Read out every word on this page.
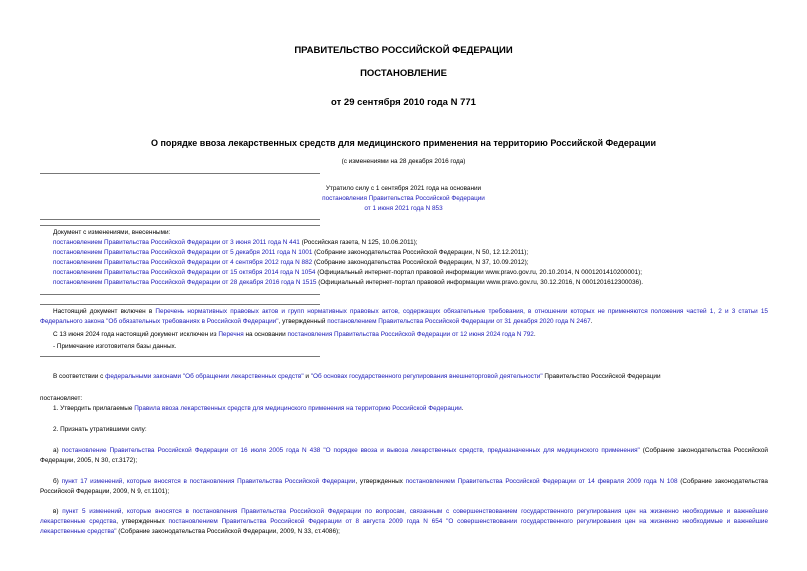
ПРАВИТЕЛЬСТВО РОССИЙСКОЙ ФЕДЕРАЦИИ
ПОСТАНОВЛЕНИЕ
от 29 сентября 2010 года N 771
О порядке ввоза лекарственных средств для медицинского применения на территорию Российской Федерации
(с изменениями на 28 декабря 2016 года)
Утратило силу с 1 сентября 2021 года на основании
постановления Правительства Российской Федерации
от 1 июня 2021 года N 853
Документ с изменениями, внесенными:
постановлением Правительства Российской Федерации от 3 июня 2011 года N 441 (Российская газета, N 125, 10.06.2011);
постановлением Правительства Российской Федерации от 5 декабря 2011 года N 1001 (Собрание законодательства Российской Федерации, N 50, 12.12.2011);
постановлением Правительства Российской Федерации от 4 сентября 2012 года N 882 (Собрание законодательства Российской Федерации, N 37, 10.09.2012);
постановлением Правительства Российской Федерации от 15 октября 2014 года N 1054 (Официальный интернет-портал правовой информации www.pravo.gov.ru, 20.10.2014, N 0001201410200001);
постановлением Правительства Российской Федерации от 28 декабря 2016 года N 1515 (Официальный интернет-портал правовой информации www.pravo.gov.ru, 30.12.2016, N 0001201612300036).
Настоящий документ включен в Перечень нормативных правовых актов и групп нормативных правовых актов, содержащих обязательные требования, в отношении которых не применяются положения частей 1, 2 и 3 статьи 15 Федерального закона "Об обязательных требованиях в Российской Федерации", утвержденный постановлением Правительства Российской Федерации от 31 декабря 2020 года N 2467.
С 13 июня 2024 года настоящий документ исключен из Перечня на основании постановления Правительства Российской Федерации от 12 июня 2024 года N 792.
- Примечание изготовителя базы данных.
В соответствии с федеральными законами "Об обращении лекарственных средств" и "Об основах государственного регулирования внешнеторговой деятельности" Правительство Российской Федерации
постановляет:
1. Утвердить прилагаемые Правила ввоза лекарственных средств для медицинского применения на территорию Российской Федерации.
2. Признать утратившими силу:
а) постановление Правительства Российской Федерации от 16 июля 2005 года N 438 "О порядке ввоза и вывоза лекарственных средств, предназначенных для медицинского применения" (Собрание законодательства Российской Федерации, 2005, N 30, ст.3172);
б) пункт 17 изменений, которые вносятся в постановления Правительства Российской Федерации, утвержденных постановлением Правительства Российской Федерации от 14 февраля 2009 года N 108 (Собрание законодательства Российской Федерации, 2009, N 9, ст.1101);
в) пункт 5 изменений, которые вносятся в постановления Правительства Российской Федерации по вопросам, связанным с совершенствованием государственного регулирования цен на жизненно необходимые и важнейшие лекарственные средства, утвержденных постановлением Правительства Российской Федерации от 8 августа 2009 года N 654 "О совершенствовании государственного регулирования цен на жизненно необходимые и важнейшие лекарственные средства" (Собрание законодательства Российской Федерации, 2009, N 33, ст.4086);
